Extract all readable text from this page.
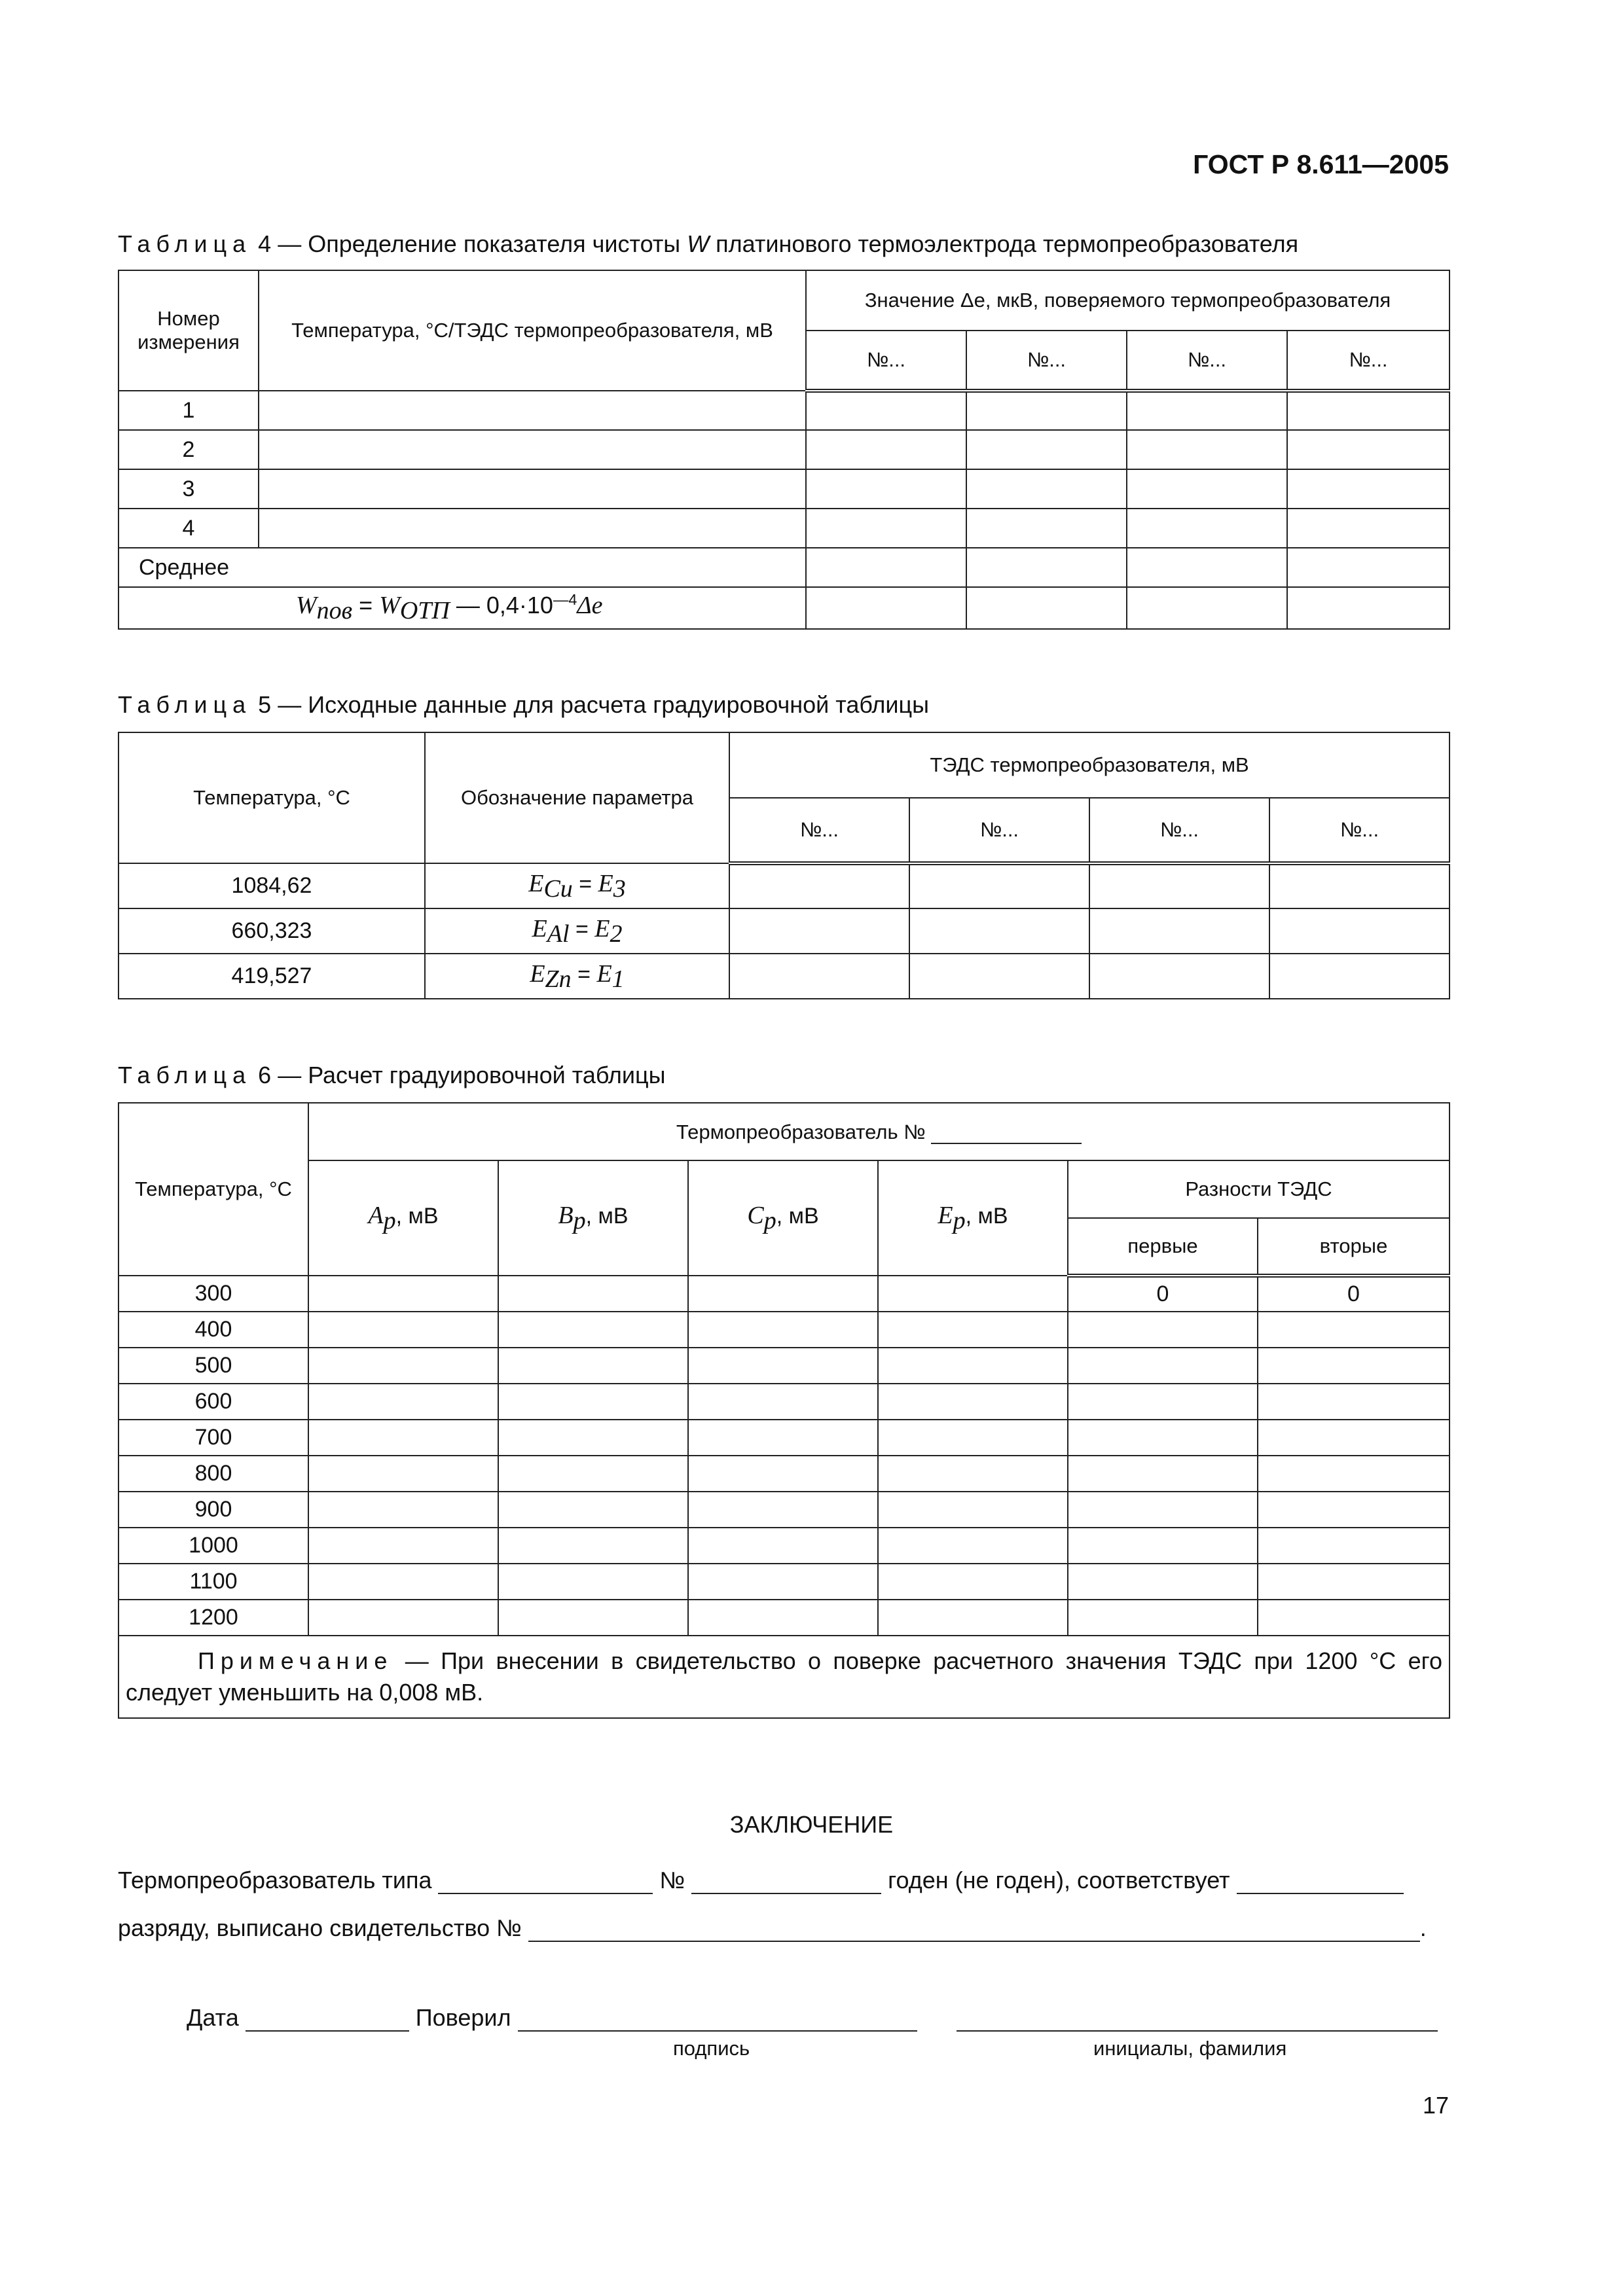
ГОСТ Р 8.611—2005
Таблица 4 — Определение показателя чистоты W платинового термоэлектрода термопреобразователя
Номер измерения	Температура, °С/ТЭДС термопреобразователя, мВ	Значение Δe, мкВ, поверяемого термопреобразователя			
		№...	№...	№...	№...
1					
2					
3					
4					
Среднее					
$W_{пов} = W_{ОТП}$ — $0,4\cdot 10^{—4}\Delta e$					
Таблица 5 — Исходные данные для расчета градуировочной таблицы
Температура, °С	Обозначение параметра	ТЭДС термопреобразователя, мВ			
		№...	№...	№...	№...
1084,62	$E_{Cu} = E_3$				
660,323	$E_{Al} = E_2$				
419,527	$E_{Zn} = E_1$				
Таблица 6 — Расчет градуировочной таблицы
Температура, °С	Термопреобразователь №					
	$A_p$, мВ	$B_p$, мВ	$C_p$, мВ	$E_p$, мВ	Разности ТЭДС	
					первые	вторые
300					0	0
400						
500						
600						
700						
800						
900						
1000						
1100						
1200						
Примечание — При внесении в свидетельство о поверке расчетного значения ТЭДС при 1200 °С его следует уменьшить на 0,008 мВ.						
ЗАКЛЮЧЕНИЕ
Термопреобразователь типа	№	годен (не годен), соответствует
разряду, выписано свидетельство №	.
Дата	Поверил
подпись	инициалы, фамилия
17
